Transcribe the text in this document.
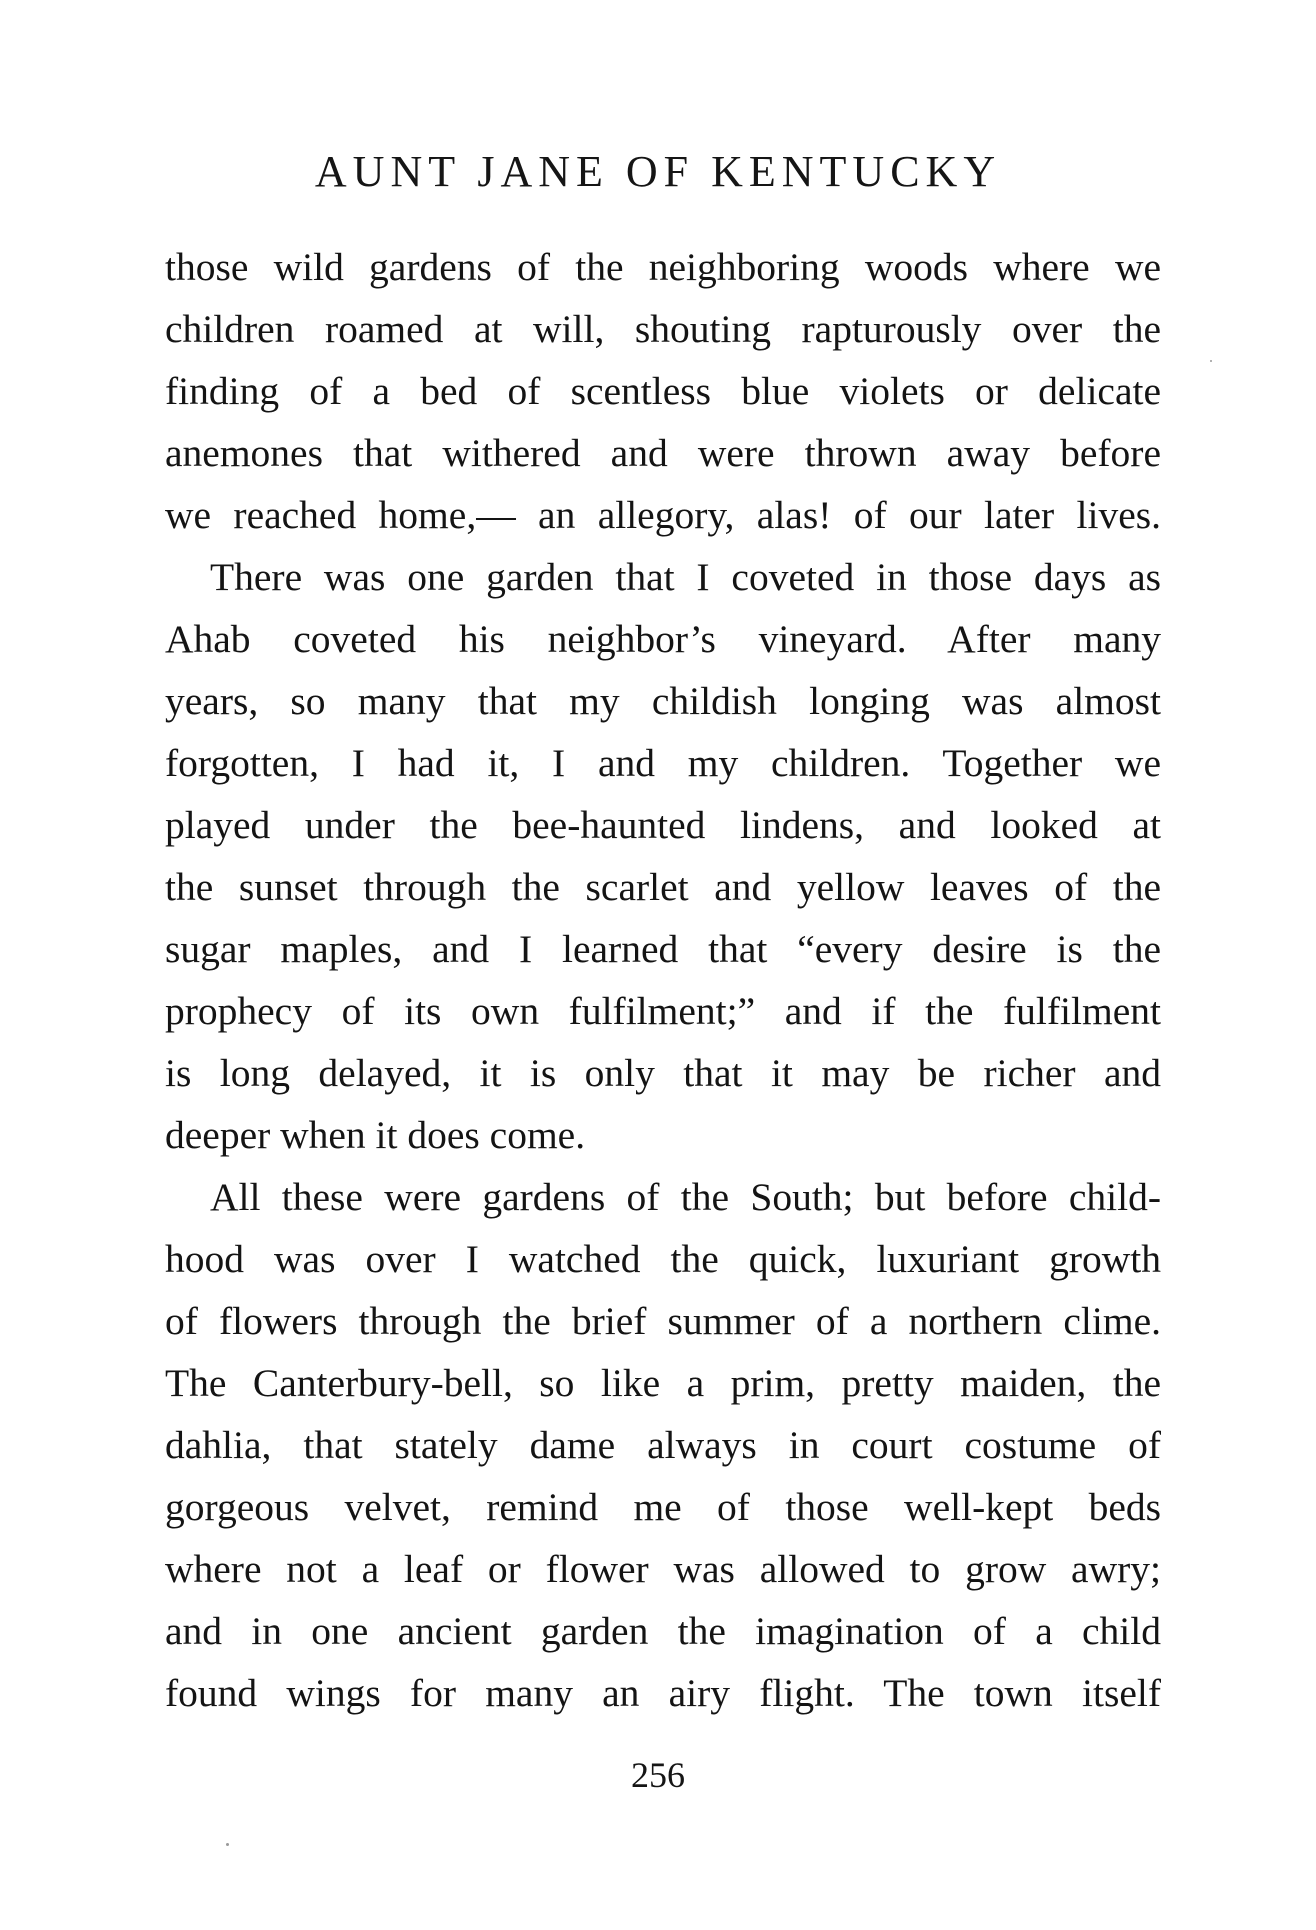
AUNT JANE OF KENTUCKY
those wild gardens of the neighboring woods where we
children roamed at will, shouting rapturously over the
finding of a bed of scentless blue violets or delicate
anemones that withered and were thrown away before
we reached home,— an allegory, alas! of our later lives.
There was one garden that I coveted in those days as
Ahab coveted his neighbor’s vineyard. After many
years, so many that my childish longing was almost
forgotten, I had it, I and my children. Together we
played under the bee-haunted lindens, and looked at
the sunset through the scarlet and yellow leaves of the
sugar maples, and I learned that “every desire is the
prophecy of its own fulfilment;” and if the fulfilment
is long delayed, it is only that it may be richer and
deeper when it does come.
All these were gardens of the South; but before child-
hood was over I watched the quick, luxuriant growth
of flowers through the brief summer of a northern clime.
The Canterbury-bell, so like a prim, pretty maiden, the
dahlia, that stately dame always in court costume of
gorgeous velvet, remind me of those well-kept beds
where not a leaf or flower was allowed to grow awry;
and in one ancient garden the imagination of a child
found wings for many an airy flight. The town itself
256
